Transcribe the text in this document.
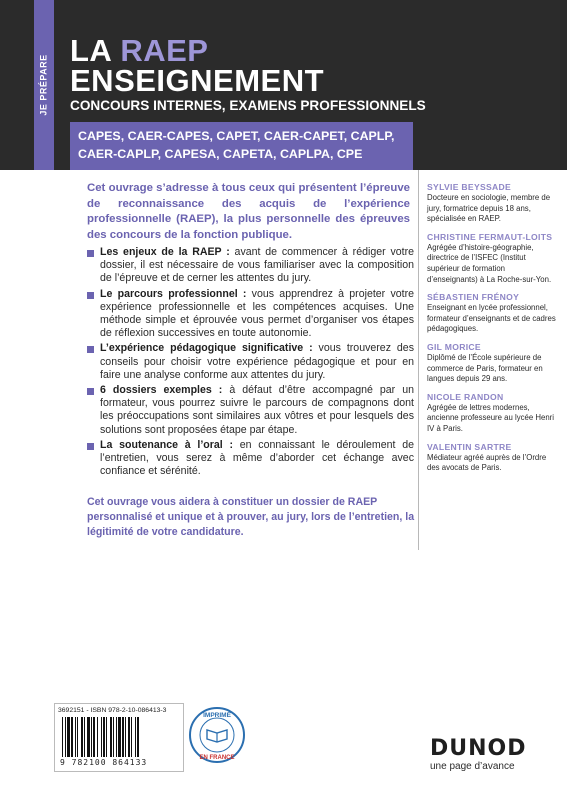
JE PRÉPARE
LA RAEP
ENSEIGNEMENT
CONCOURS INTERNES, EXAMENS PROFESSIONNELS
CAPES, CAER-CAPES, CAPET, CAER-CAPET, CAPLP,
CAER-CAPLP, CAPESA, CAPETA, CAPLPA, CPE
Cet ouvrage s’adresse à tous ceux qui présentent l’épreuve de reconnaissance des acquis de l’expérience professionnelle (RAEP), la plus personnelle des épreuves des concours de la fonction publique.
Les enjeux de la RAEP : avant de commencer à rédiger votre dossier, il est nécessaire de vous familiariser avec la composition de l’épreuve et de cerner les attentes du jury.
Le parcours professionnel : vous apprendrez à projeter votre expérience professionnelle et les compétences acquises. Une méthode simple et éprouvée vous permet d’organiser vos étapes de réflexion successives en toute autonomie.
L’expérience pédagogique significative : vous trouverez des conseils pour choisir votre expérience pédagogique et pour en faire une analyse conforme aux attentes du jury.
6 dossiers exemples : à défaut d’être accompagné par un formateur, vous pourrez suivre le parcours de compagnons dont les préoccupations sont similaires aux vôtres et pour lesquels des solutions sont proposées étape par étape.
La soutenance à l’oral : en connaissant le déroulement de l’entretien, vous serez à même d’aborder cet échange avec confiance et sérénité.
Cet ouvrage vous aidera à constituer un dossier de RAEP personnalisé et unique et à prouver, au jury, lors de l’entretien, la légitimité de votre candidature.
SYLVIE BEYSSADE
Docteure en sociologie, membre de jury, formatrice depuis 18 ans, spécialisée en RAEP.
CHRISTINE FERMAUT-LOITS
Agrégée d’histoire-géographie, directrice de l’ISFEC (Institut supérieur de formation d’enseignants) à La Roche-sur-Yon.
SÉBASTIEN FRÉNOY
Enseignant en lycée professionnel, formateur d’enseignants et de cadres pédagogiques.
GIL MORICE
Diplômé de l’École supérieure de commerce de Paris, formateur en langues depuis 29 ans.
NICOLE RANDON
Agrégée de lettres modernes, ancienne professeure au lycée Henri IV à Paris.
VALENTIN SARTRE
Médiateur agréé auprès de l’Ordre des avocats de Paris.
3692151 - ISBN 978-2-10-086413-3
9 782100 864133
IMPRIMÉ
EN FRANCE	DUNOD
une page d’avance
